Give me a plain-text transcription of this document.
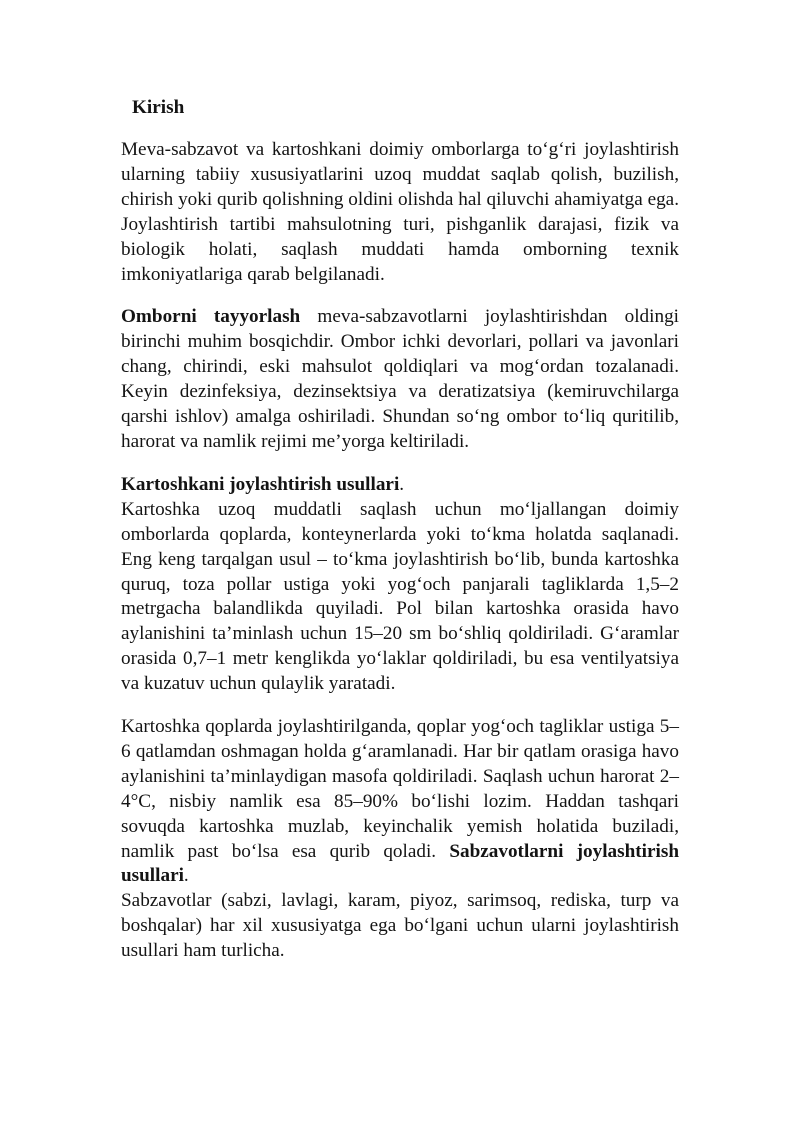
Kirish

Meva-sabzavot va kartoshkani doimiy omborlarga to‘g‘ri joylashtirish ularning tabiiy xususiyatlarini uzoq muddat saqlab qolish, buzilish, chirish yoki qurib qolishning oldini olishda hal qiluvchi ahamiyatga ega. Joylashtirish tartibi mahsulotning turi, pishganlik darajasi, fizik va biologik holati, saqlash muddati hamda omborning texnik imkoniyatlariga qarab belgilanadi.

Omborni tayyorlash meva-sabzavotlarni joylashtirishdan oldingi birinchi muhim bosqichdir. Ombor ichki devorlari, pollari va javonlari chang, chirindi, eski mahsulot qoldiqlari va mog‘ordan tozalanadi. Keyin dezinfeksiya, dezinsektsiya va deratizatsiya (kemiruvchilarga qarshi ishlov) amalga oshiriladi. Shundan so‘ng ombor to‘liq quritilib, harorat va namlik rejimi me’yorga keltiriladi.

Kartoshkani joylashtirish usullari.

Kartoshka uzoq muddatli saqlash uchun mo‘ljallangan doimiy omborlarda qoplarda, konteynerlarda yoki to‘kma holatda saqlanadi. Eng keng tarqalgan usul – to‘kma joylashtirish bo‘lib, bunda kartoshka quruq, toza pollar ustiga yoki yog‘och panjarali tagliklarda 1,5–2 metrgacha balandlikda quyiladi. Pol bilan kartoshka orasida havo aylanishini ta’minlash uchun 15–20 sm bo‘shliq qoldiriladi. G‘aramlar orasida 0,7–1 metr kenglikda yo‘laklar qoldiriladi, bu esa ventilyatsiya va kuzatuv uchun qulaylik yaratadi.

Kartoshka qoplarda joylashtirilganda, qoplar yog‘och tagliklar ustiga 5–6 qatlamdan oshmagan holda g‘aramlanadi. Har bir qatlam orasiga havo aylanishini ta’minlaydigan masofa qoldiriladi. Saqlash uchun harorat 2–4°C, nisbiy namlik esa 85–90% bo‘lishi lozim. Haddan tashqari sovuqda kartoshka muzlab, keyinchalik yemish holatida buziladi, namlik past bo‘lsa esa qurib qoladi. Sabzavotlarni joylashtirish usullari.

Sabzavotlar (sabzi, lavlagi, karam, piyoz, sarimsoq, rediska, turp va boshqalar) har xil xususiyatga ega bo‘lgani uchun ularni joylashtirish usullari ham turlicha.
